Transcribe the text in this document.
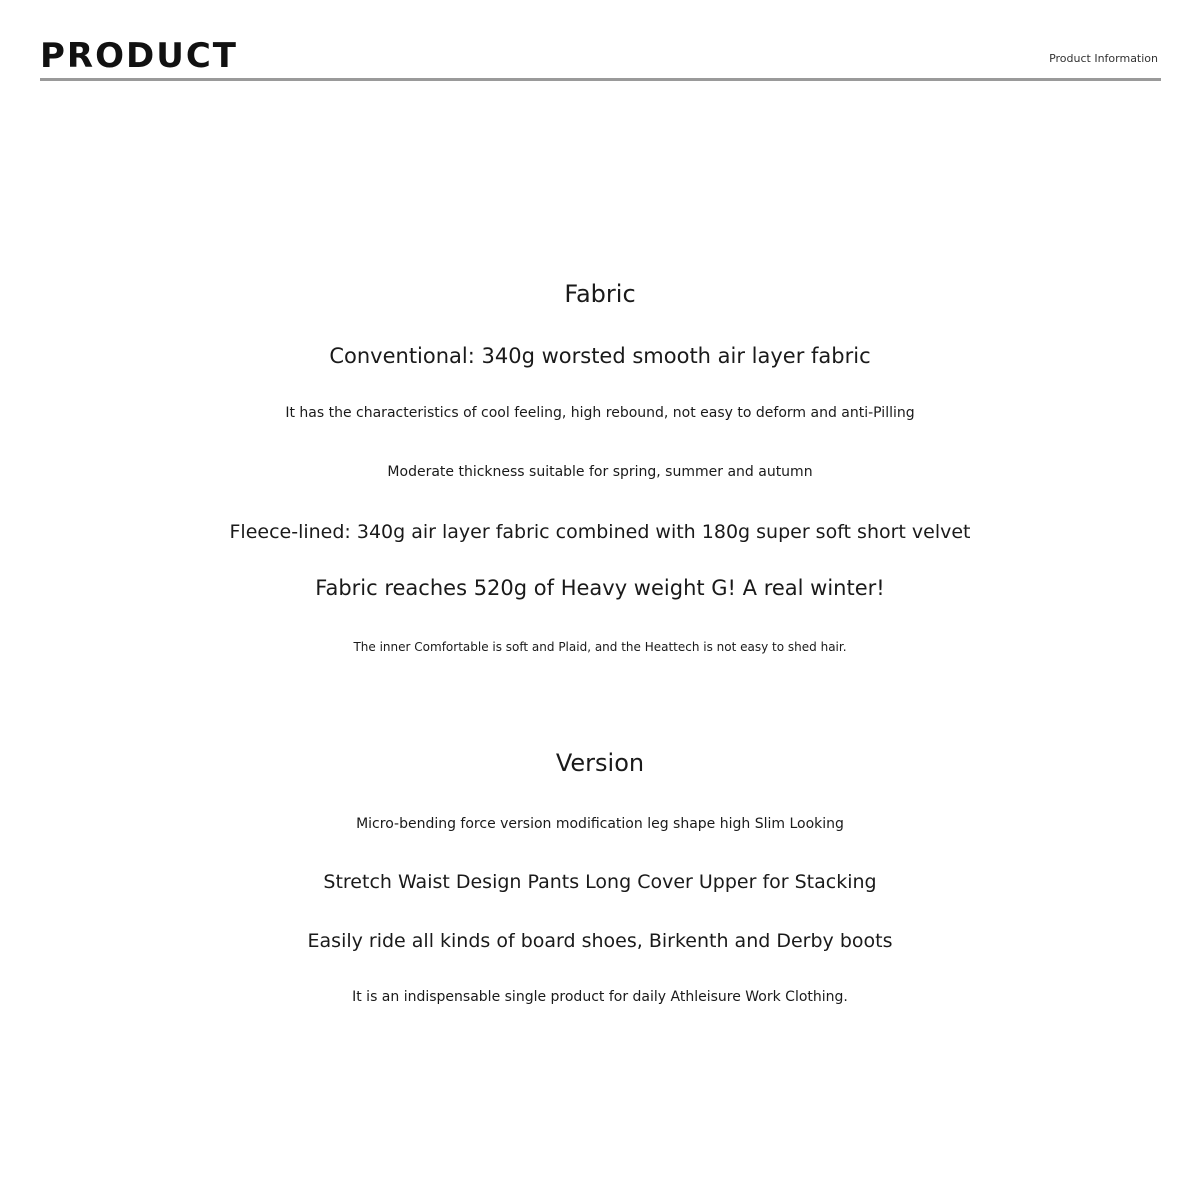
PRODUCT	Product Information
Fabric
Conventional: 340g worsted smooth air layer fabric
It has the characteristics of cool feeling, high rebound, not easy to deform and anti-Pilling
Moderate thickness suitable for spring, summer and autumn
Fleece-lined: 340g air layer fabric combined with 180g super soft short velvet
Fabric reaches 520g of Heavy weight G! A real winter!
The inner Comfortable is soft and Plaid, and the Heattech is not easy to shed hair.
Version
Micro-bending force version modification leg shape high Slim Looking
Stretch Waist Design Pants Long Cover Upper for Stacking
Easily ride all kinds of board shoes, Birkenth and Derby boots
It is an indispensable single product for daily Athleisure Work Clothing.
